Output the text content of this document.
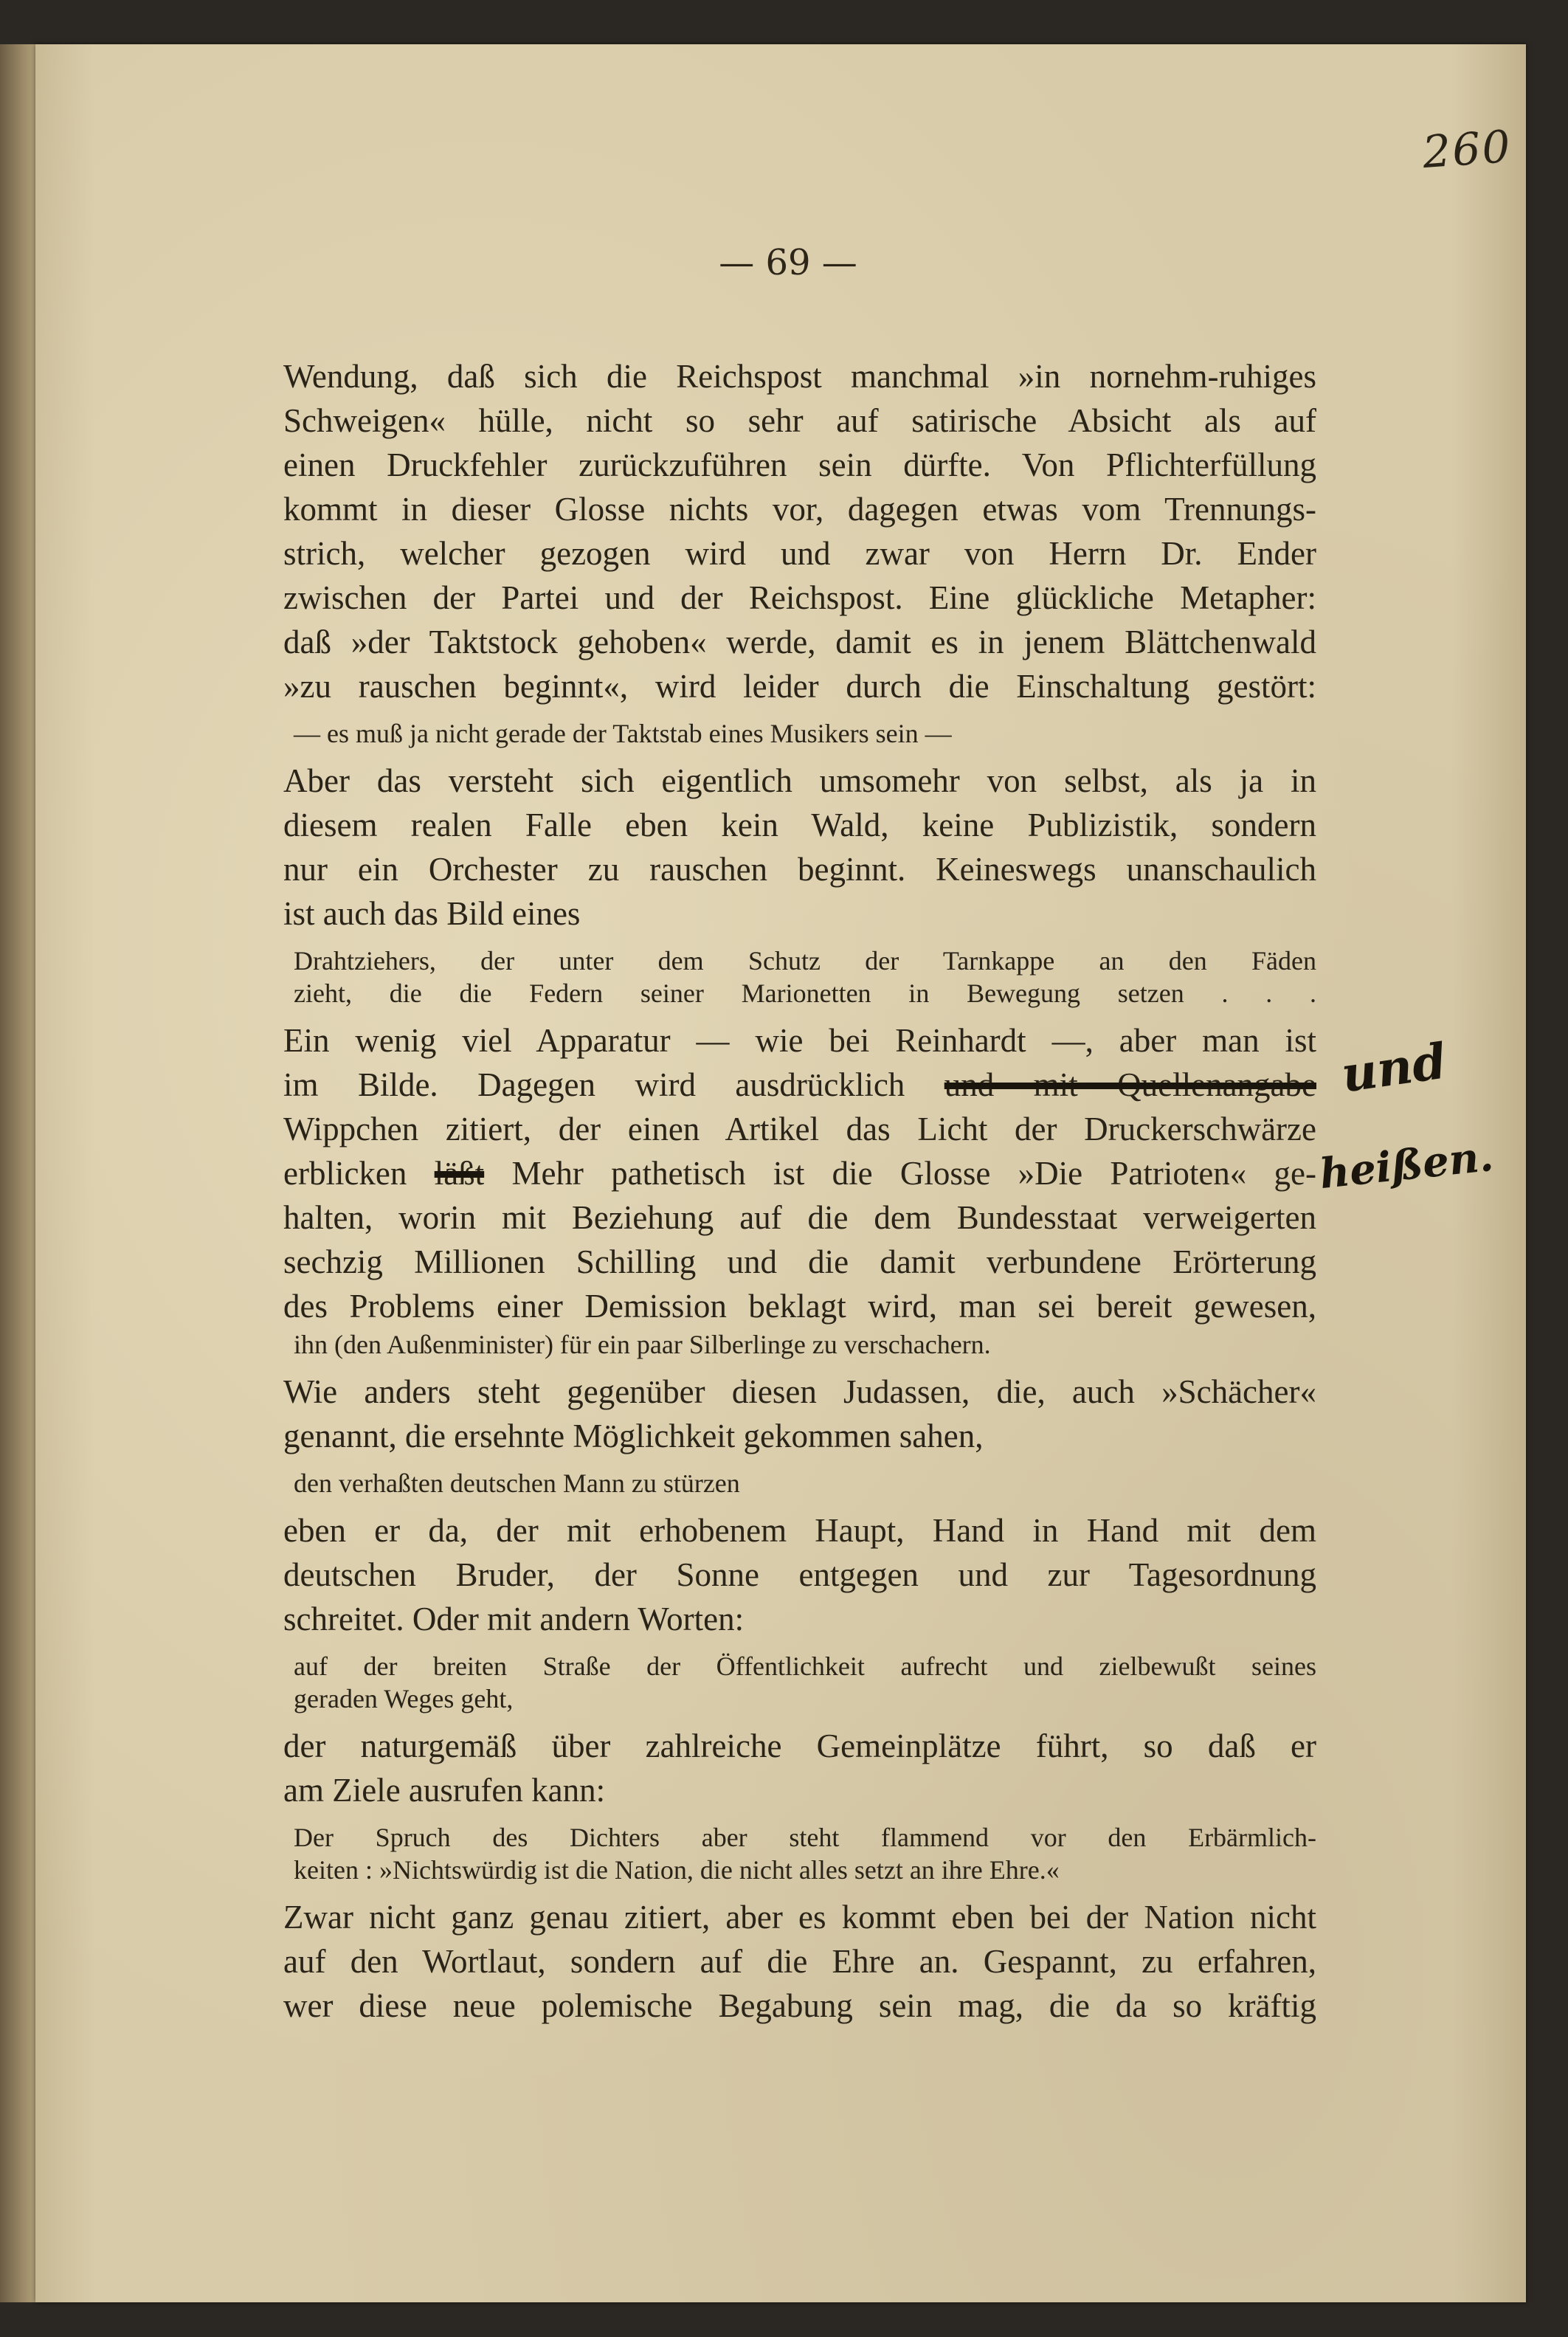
260
— 69 —
Wendung, daß sich die Reichspost manchmal »in nornehm-ruhiges
Schweigen« hülle, nicht so sehr auf satirische Absicht als auf
einen Druckfehler zurückzuführen sein dürfte. Von Pflichterfüllung
kommt in dieser Glosse nichts vor, dagegen etwas vom Trennungs-
strich, welcher gezogen wird und zwar von Herrn Dr. Ender
zwischen der Partei und der Reichspost. Eine glückliche Metapher:
daß »der Taktstock gehoben« werde, damit es in jenem Blättchenwald
»zu rauschen beginnt«, wird leider durch die Einschaltung gestört:
— es muß ja nicht gerade der Taktstab eines Musikers sein —
Aber das versteht sich eigentlich umsomehr von selbst, als ja in
diesem realen Falle eben kein Wald, keine Publizistik, sondern
nur ein Orchester zu rauschen beginnt. Keineswegs unanschaulich
ist auch das Bild eines
Drahtziehers, der unter dem Schutz der Tarnkappe an den Fäden
zieht, die die Federn seiner Marionetten in Bewegung setzen . . .
Ein wenig viel Apparatur — wie bei Reinhardt —, aber man ist
im Bilde. Dagegen wird ausdrücklich und mit Quellenangabe
Wippchen zitiert, der einen Artikel das Licht der Druckerschwärze
erblicken läßt Mehr pathetisch ist die Glosse »Die Patrioten« ge-
halten, worin mit Beziehung auf die dem Bundesstaat verweigerten
sechzig Millionen Schilling und die damit verbundene Erörterung
des Problems einer Demission beklagt wird, man sei bereit gewesen,
ihn (den Außenminister) für ein paar Silberlinge zu verschachern.
Wie anders steht gegenüber diesen Judassen, die, auch »Schächer«
genannt, die ersehnte Möglichkeit gekommen sahen,
den verhaßten deutschen Mann zu stürzen
eben er da, der mit erhobenem Haupt, Hand in Hand mit dem
deutschen Bruder, der Sonne entgegen und zur Tagesordnung
schreitet. Oder mit andern Worten:
auf der breiten Straße der Öffentlichkeit aufrecht und zielbewußt seines
geraden Weges geht,
der naturgemäß über zahlreiche Gemeinplätze führt, so daß er
am Ziele ausrufen kann:
Der Spruch des Dichters aber steht flammend vor den Erbärmlich-
keiten : »Nichtswürdig ist die Nation, die nicht alles setzt an ihre Ehre.«
Zwar nicht ganz genau zitiert, aber es kommt eben bei der Nation nicht
auf den Wortlaut, sondern auf die Ehre an. Gespannt, zu erfahren,
wer diese neue polemische Begabung sein mag, die da so kräftig
und
heißen.
